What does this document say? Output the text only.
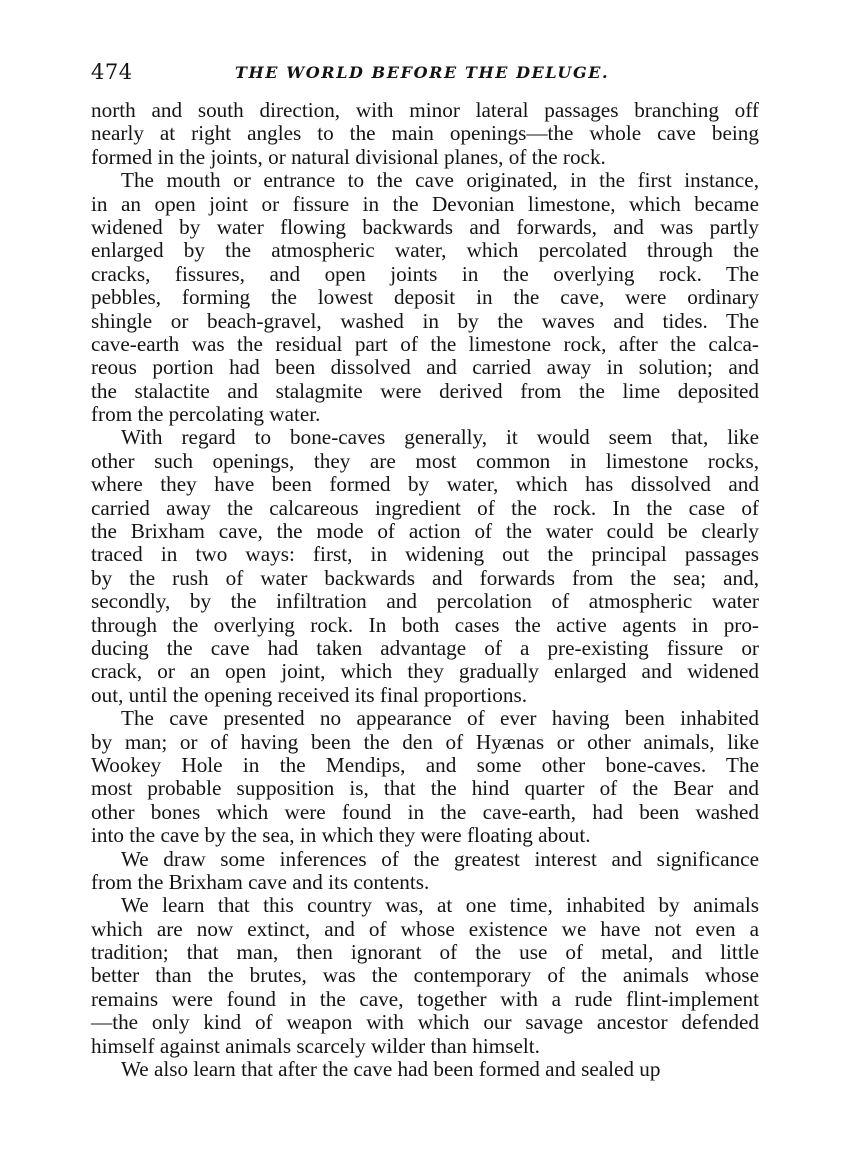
474	THE WORLD BEFORE THE DELUGE.
north and south direction, with minor lateral passages branching off
nearly at right angles to the main openings—the whole cave being
formed in the joints, or natural divisional planes, of the rock.
The mouth or entrance to the cave originated, in the first instance,
in an open joint or fissure in the Devonian limestone, which became
widened by water flowing backwards and forwards, and was partly
enlarged by the atmospheric water, which percolated through the
cracks, fissures, and open joints in the overlying rock. The
pebbles, forming the lowest deposit in the cave, were ordinary
shingle or beach-gravel, washed in by the waves and tides. The
cave-earth was the residual part of the limestone rock, after the calca-
reous portion had been dissolved and carried away in solution; and
the stalactite and stalagmite were derived from the lime deposited
from the percolating water.
With regard to bone-caves generally, it would seem that, like
other such openings, they are most common in limestone rocks,
where they have been formed by water, which has dissolved and
carried away the calcareous ingredient of the rock. In the case of
the Brixham cave, the mode of action of the water could be clearly
traced in two ways: first, in widening out the principal passages
by the rush of water backwards and forwards from the sea; and,
secondly, by the infiltration and percolation of atmospheric water
through the overlying rock. In both cases the active agents in pro-
ducing the cave had taken advantage of a pre-existing fissure or
crack, or an open joint, which they gradually enlarged and widened
out, until the opening received its final proportions.
The cave presented no appearance of ever having been inhabited
by man; or of having been the den of Hyænas or other animals, like
Wookey Hole in the Mendips, and some other bone-caves. The
most probable supposition is, that the hind quarter of the Bear and
other bones which were found in the cave-earth, had been washed
into the cave by the sea, in which they were floating about.
We draw some inferences of the greatest interest and significance
from the Brixham cave and its contents.
We learn that this country was, at one time, inhabited by animals
which are now extinct, and of whose existence we have not even a
tradition; that man, then ignorant of the use of metal, and little
better than the brutes, was the contemporary of the animals whose
remains were found in the cave, together with a rude flint-implement
—the only kind of weapon with which our savage ancestor defended
himself against animals scarcely wilder than himselt.
We also learn that after the cave had been formed and sealed up
